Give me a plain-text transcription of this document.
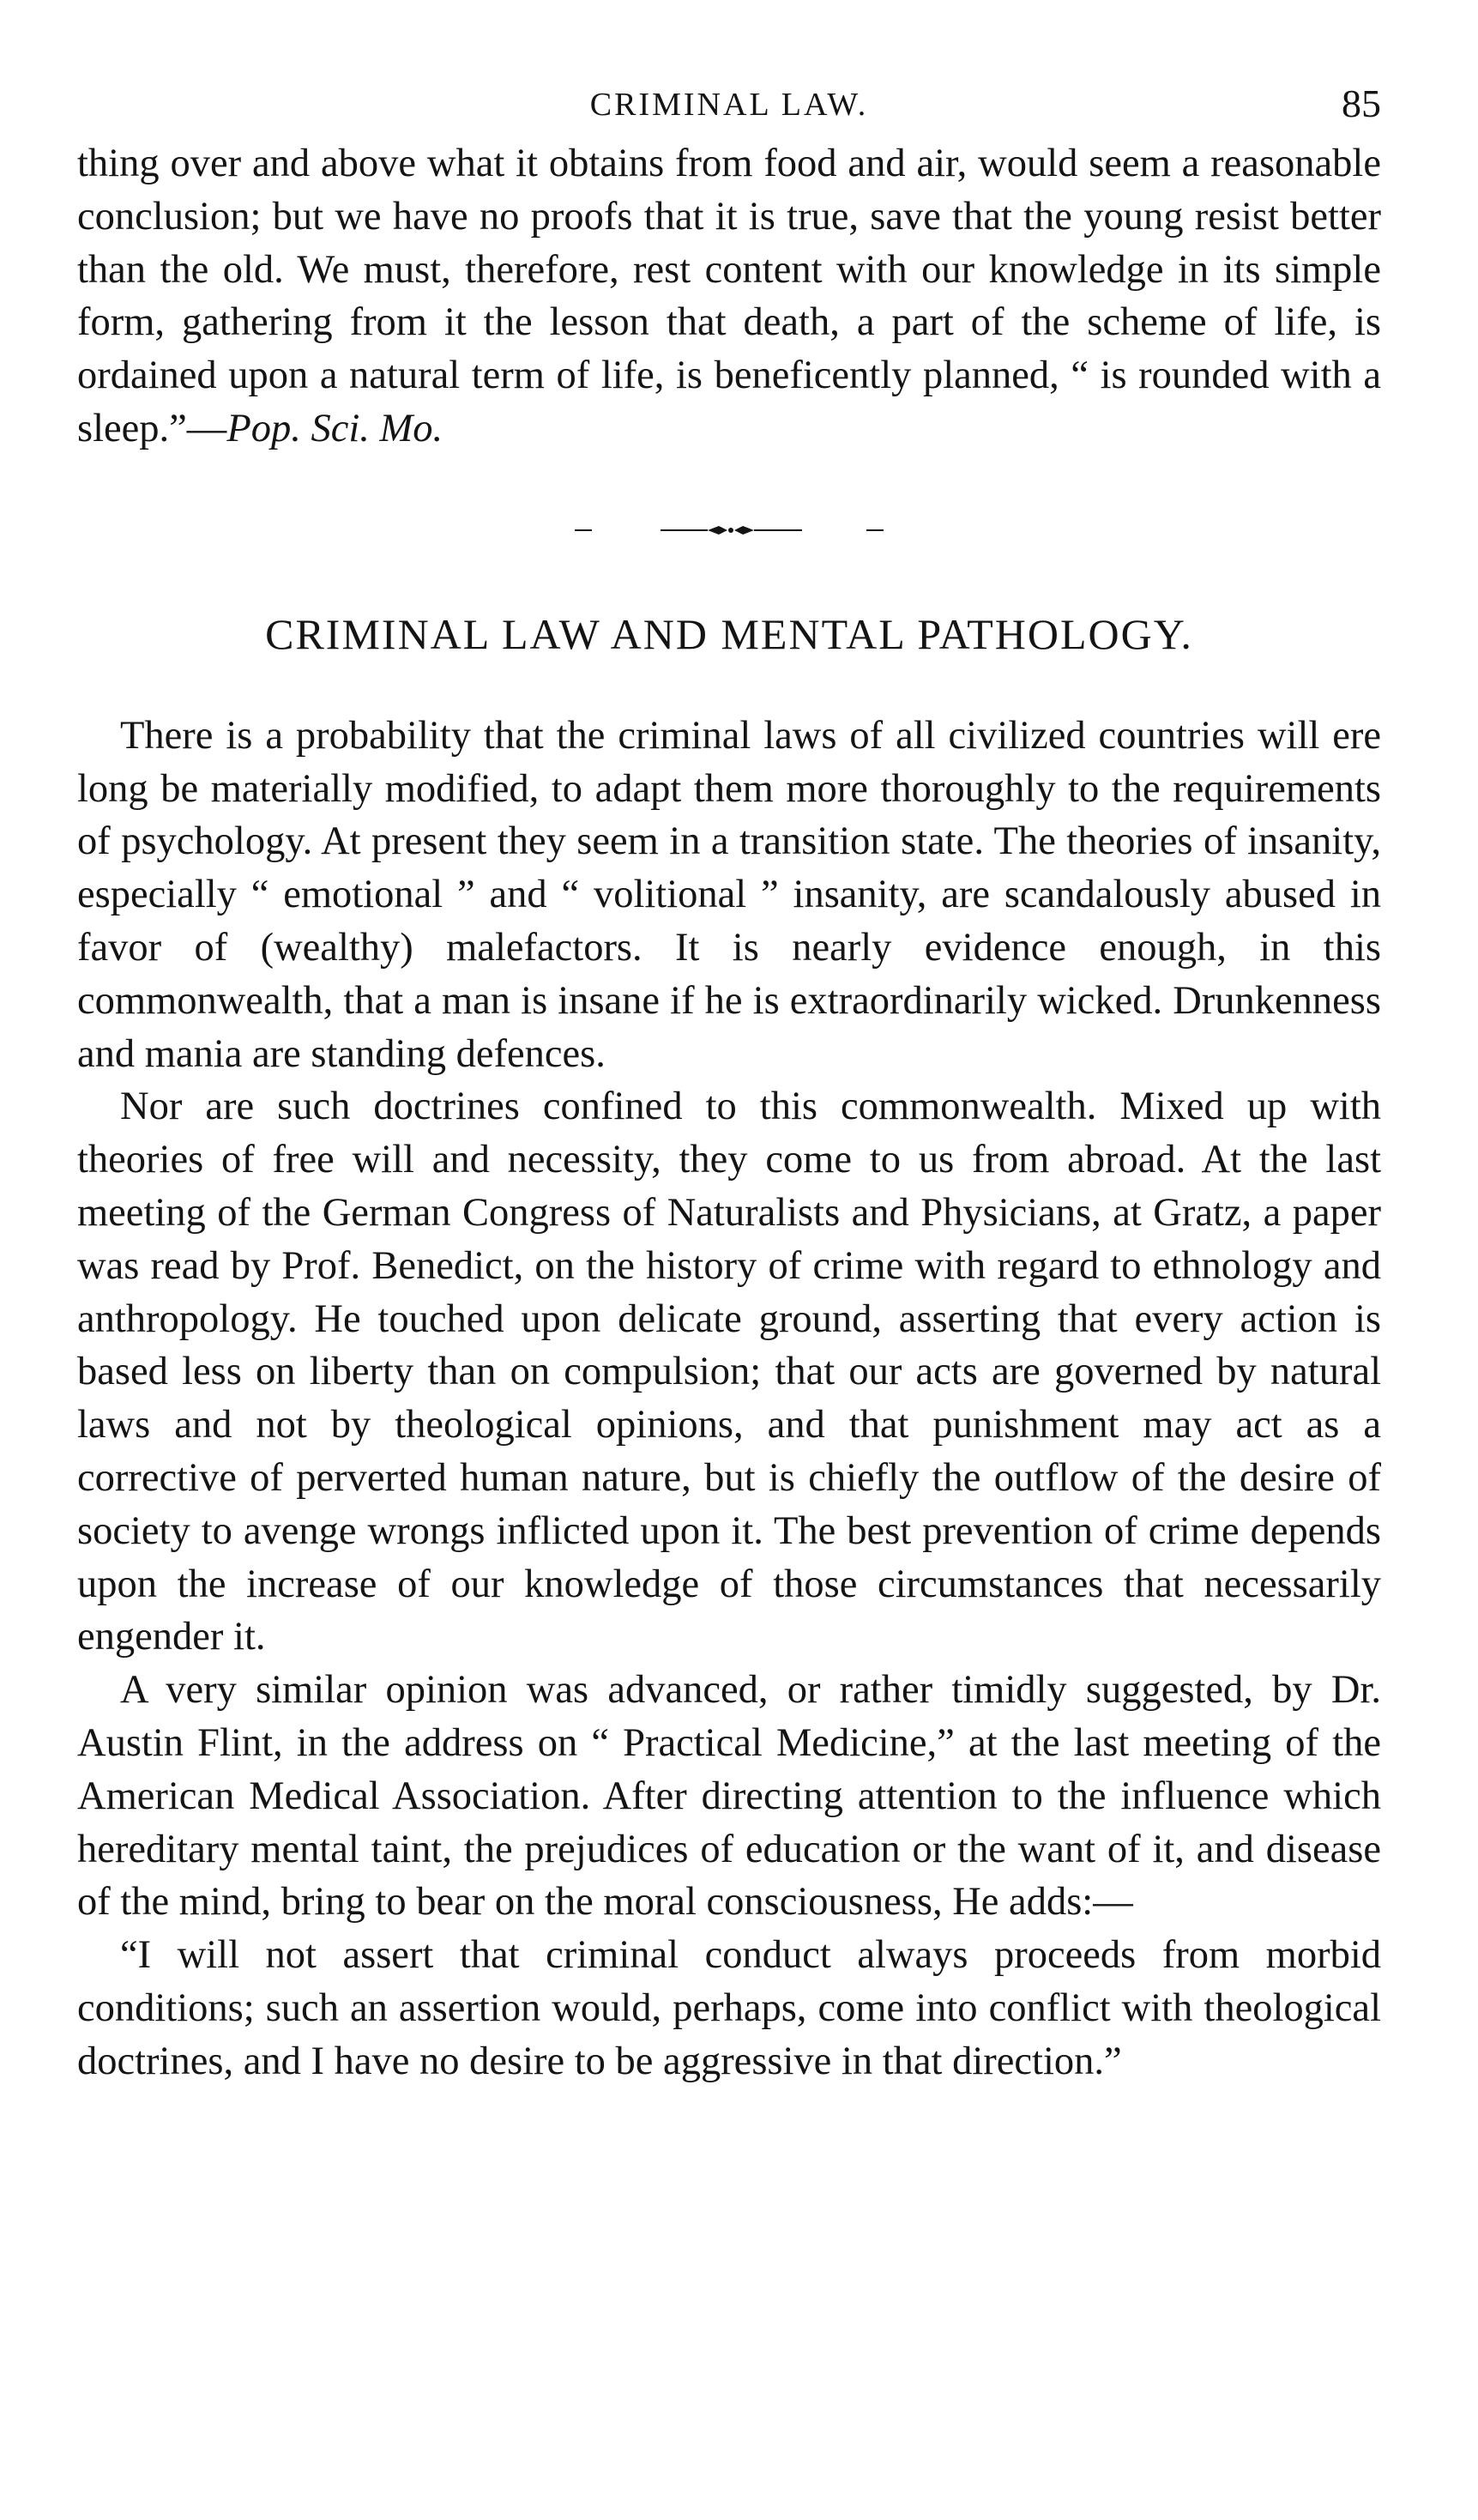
CRIMINAL LAW.	85

thing over and above what it obtains from food and air, would seem a reasonable conclusion; but we have no proofs that it is true, save that the young resist better than the old. We must, therefore, rest content with our knowledge in its simple form, gathering from it the lesson that death, a part of the scheme of life, is ordained upon a natural term of life, is beneficently planned, “ is rounded with a sleep.”—Pop. Sci. Mo.

CRIMINAL LAW AND MENTAL PATHOLOGY.

There is a probability that the criminal laws of all civilized countries will ere long be materially modified, to adapt them more thoroughly to the requirements of psychology. At present they seem in a transition state. The theories of insanity, especially “ emotional ” and “ volitional ” insanity, are scandalously abused in favor of (wealthy) malefactors. It is nearly evidence enough, in this commonwealth, that a man is insane if he is extraordinarily wicked. Drunkenness and mania are standing defences.

Nor are such doctrines confined to this commonwealth. Mixed up with theories of free will and necessity, they come to us from abroad. At the last meeting of the German Congress of Naturalists and Physicians, at Gratz, a paper was read by Prof. Benedict, on the history of crime with regard to ethnology and anthropology. He touched upon delicate ground, asserting that every action is based less on liberty than on compulsion; that our acts are governed by natural laws and not by theological opinions, and that punishment may act as a corrective of perverted human nature, but is chiefly the outflow of the desire of society to avenge wrongs inflicted upon it. The best prevention of crime depends upon the increase of our knowledge of those circumstances that necessarily engender it.

A very similar opinion was advanced, or rather timidly suggested, by Dr. Austin Flint, in the address on “ Practical Medicine,” at the last meeting of the American Medical Association. After directing attention to the influence which hereditary mental taint, the prejudices of education or the want of it, and disease of the mind, bring to bear on the moral consciousness, He adds:—

“I will not assert that criminal conduct always proceeds from morbid conditions; such an assertion would, perhaps, come into conflict with theological doctrines, and I have no desire to be aggressive in that direction.”
